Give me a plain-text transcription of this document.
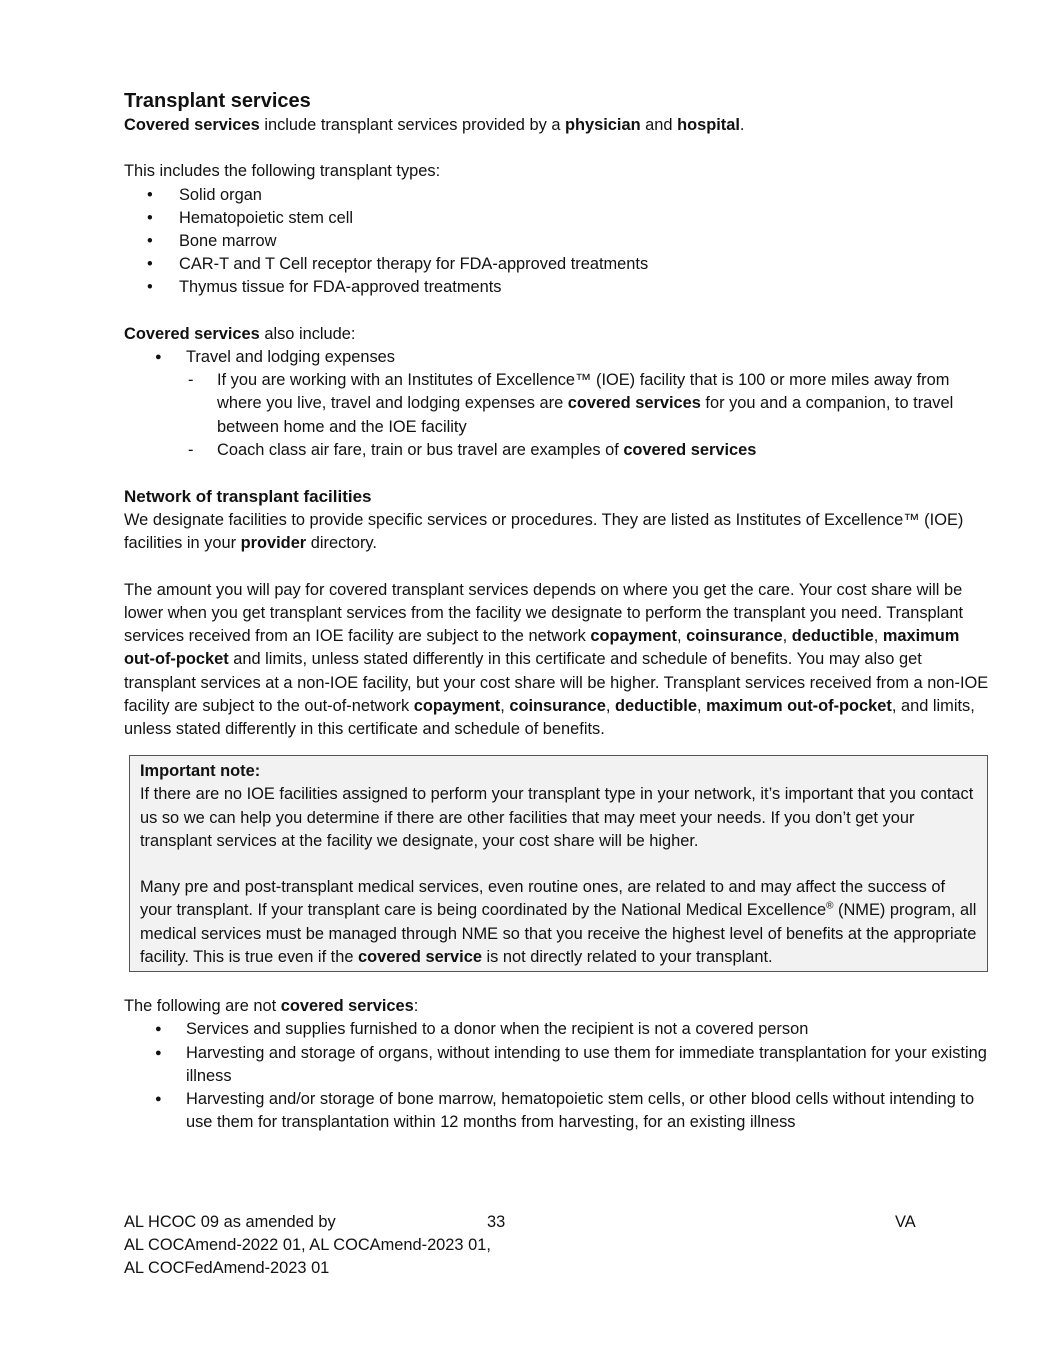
Transplant services

Covered services include transplant services provided by a physician and hospital.

This includes the following transplant types:

• Solid organ
• Hematopoietic stem cell
• Bone marrow
• CAR-T and T Cell receptor therapy for FDA-approved treatments
• Thymus tissue for FDA-approved treatments

Covered services also include:

● Travel and lodging expenses
- If you are working with an Institutes of Excellence™ (IOE) facility that is 100 or more miles away from where you live, travel and lodging expenses are covered services for you and a companion, to travel between home and the IOE facility
- Coach class air fare, train or bus travel are examples of covered services
Network of transplant facilities

We designate facilities to provide specific services or procedures. They are listed as Institutes of Excellence™ (IOE) facilities in your provider directory.

The amount you will pay for covered transplant services depends on where you get the care. Your cost share will be lower when you get transplant services from the facility we designate to perform the transplant you need. Transplant services received from an IOE facility are subject to the network copayment, coinsurance, deductible, maximum out-of-pocket and limits, unless stated differently in this certificate and schedule of benefits. You may also get transplant services at a non-IOE facility, but your cost share will be higher. Transplant services received from a non-IOE facility are subject to the out-of-network copayment, coinsurance, deductible, maximum out-of-pocket, and limits, unless stated differently in this certificate and schedule of benefits.

Important note:

If there are no IOE facilities assigned to perform your transplant type in your network, it’s important that you contact us so we can help you determine if there are other facilities that may meet your needs. If you don’t get your transplant services at the facility we designate, your cost share will be higher.

Many pre and post-transplant medical services, even routine ones, are related to and may affect the success of your transplant. If your transplant care is being coordinated by the National Medical Excellence® (NME) program, all medical services must be managed through NME so that you receive the highest level of benefits at the appropriate facility. This is true even if the covered service is not directly related to your transplant.

The following are not covered services:

● Services and supplies furnished to a donor when the recipient is not a covered person
● Harvesting and storage of organs, without intending to use them for immediate transplantation for your existing illness
● Harvesting and/or storage of bone marrow, hematopoietic stem cells, or other blood cells without intending to use them for transplantation within 12 months from harvesting, for an existing illness
AL HCOC 09 as amended by
AL COCAmend-2022 01, AL COCAmend-2023 01,
AL COCFedAmend-2023 01
33	VA
